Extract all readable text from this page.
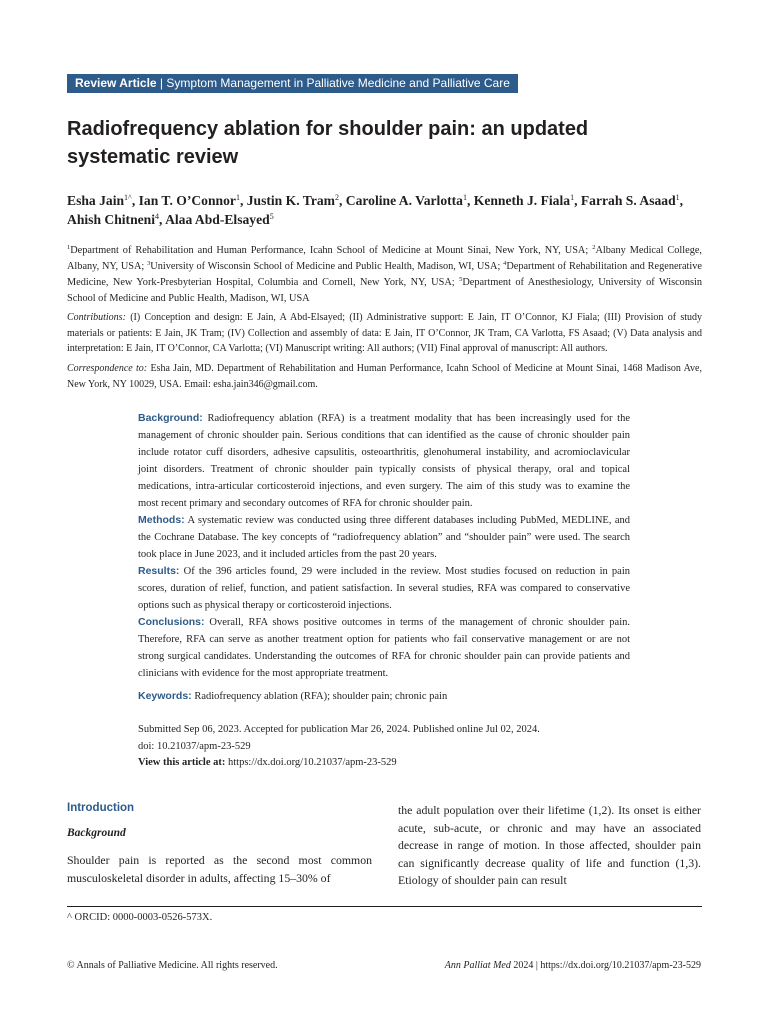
Review Article | Symptom Management in Palliative Medicine and Palliative Care
Radiofrequency ablation for shoulder pain: an updated systematic review

Esha Jain$^{1\^{}}$, Ian T. O’Connor$^1$, Justin K. Tram$^2$, Caroline A. Varlotta$^1$, Kenneth J. Fiala$^1$, Farrah S. Asaad$^1$, Ahish Chitneni$^4$, Alaa Abd-Elsayed$^5$

$^1$Department of Rehabilitation and Human Performance, Icahn School of Medicine at Mount Sinai, New York, NY, USA; $^2$Albany Medical College, Albany, NY, USA; $^3$University of Wisconsin School of Medicine and Public Health, Madison, WI, USA; $^4$Department of Rehabilitation and Regenerative Medicine, New York-Presbyterian Hospital, Columbia and Cornell, New York, NY, USA; $^5$Department of Anesthesiology, University of Wisconsin School of Medicine and Public Health, Madison, WI, USA

Contributions: (I) Conception and design: E Jain, A Abd-Elsayed; (II) Administrative support: E Jain, IT O’Connor, KJ Fiala; (III) Provision of study materials or patients: E Jain, JK Tram; (IV) Collection and assembly of data: E Jain, IT O’Connor, JK Tram, CA Varlotta, FS Asaad; (V) Data analysis and interpretation: E Jain, IT O’Connor, CA Varlotta; (VI) Manuscript writing: All authors; (VII) Final approval of manuscript: All authors.

Correspondence to: Esha Jain, MD. Department of Rehabilitation and Human Performance, Icahn School of Medicine at Mount Sinai, 1468 Madison Ave, New York, NY 10029, USA. Email: esha.jain346@gmail.com.

Background: Radiofrequency ablation (RFA) is a treatment modality that has been increasingly used for the management of chronic shoulder pain. Serious conditions that can identified as the cause of chronic shoulder pain include rotator cuff disorders, adhesive capsulitis, osteoarthritis, glenohumeral instability, and acromioclavicular joint disorders. Treatment of chronic shoulder pain typically consists of physical therapy, oral and topical medications, intra-articular corticosteroid injections, and even surgery. The aim of this study was to examine the most recent primary and secondary outcomes of RFA for chronic shoulder pain.

Methods: A systematic review was conducted using three different databases including PubMed, MEDLINE, and the Cochrane Database. The key concepts of “radiofrequency ablation” and “shoulder pain” were used. The search took place in June 2023, and it included articles from the past 20 years.

Results: Of the 396 articles found, 29 were included in the review. Most studies focused on reduction in pain scores, duration of relief, function, and patient satisfaction. In several studies, RFA was compared to conservative options such as physical therapy or corticosteroid injections.

Conclusions: Overall, RFA shows positive outcomes in terms of the management of chronic shoulder pain. Therefore, RFA can serve as another treatment option for patients who fail conservative management or are not strong surgical candidates. Understanding the outcomes of RFA for chronic shoulder pain can provide patients and clinicians with evidence for the most appropriate treatment.

Keywords: Radiofrequency ablation (RFA); shoulder pain; chronic pain

Submitted Sep 06, 2023. Accepted for publication Mar 26, 2024. Published online Jul 02, 2024.
doi: 10.21037/apm-23-529
View this article at: https://dx.doi.org/10.21037/apm-23-529
Introduction
Background

Shoulder pain is reported as the second most common musculoskeletal disorder in adults, affecting 15–30% of

the adult population over their lifetime (1,2). Its onset is either acute, sub-acute, or chronic and may have an associated decrease in range of motion. In those affected, shoulder pain can significantly decrease quality of life and function (1,3). Etiology of shoulder pain can result

^ ORCID: 0000-0003-0526-573X.

© Annals of Palliative Medicine. All rights reserved.	Ann Palliat Med 2024 | https://dx.doi.org/10.21037/apm-23-529
